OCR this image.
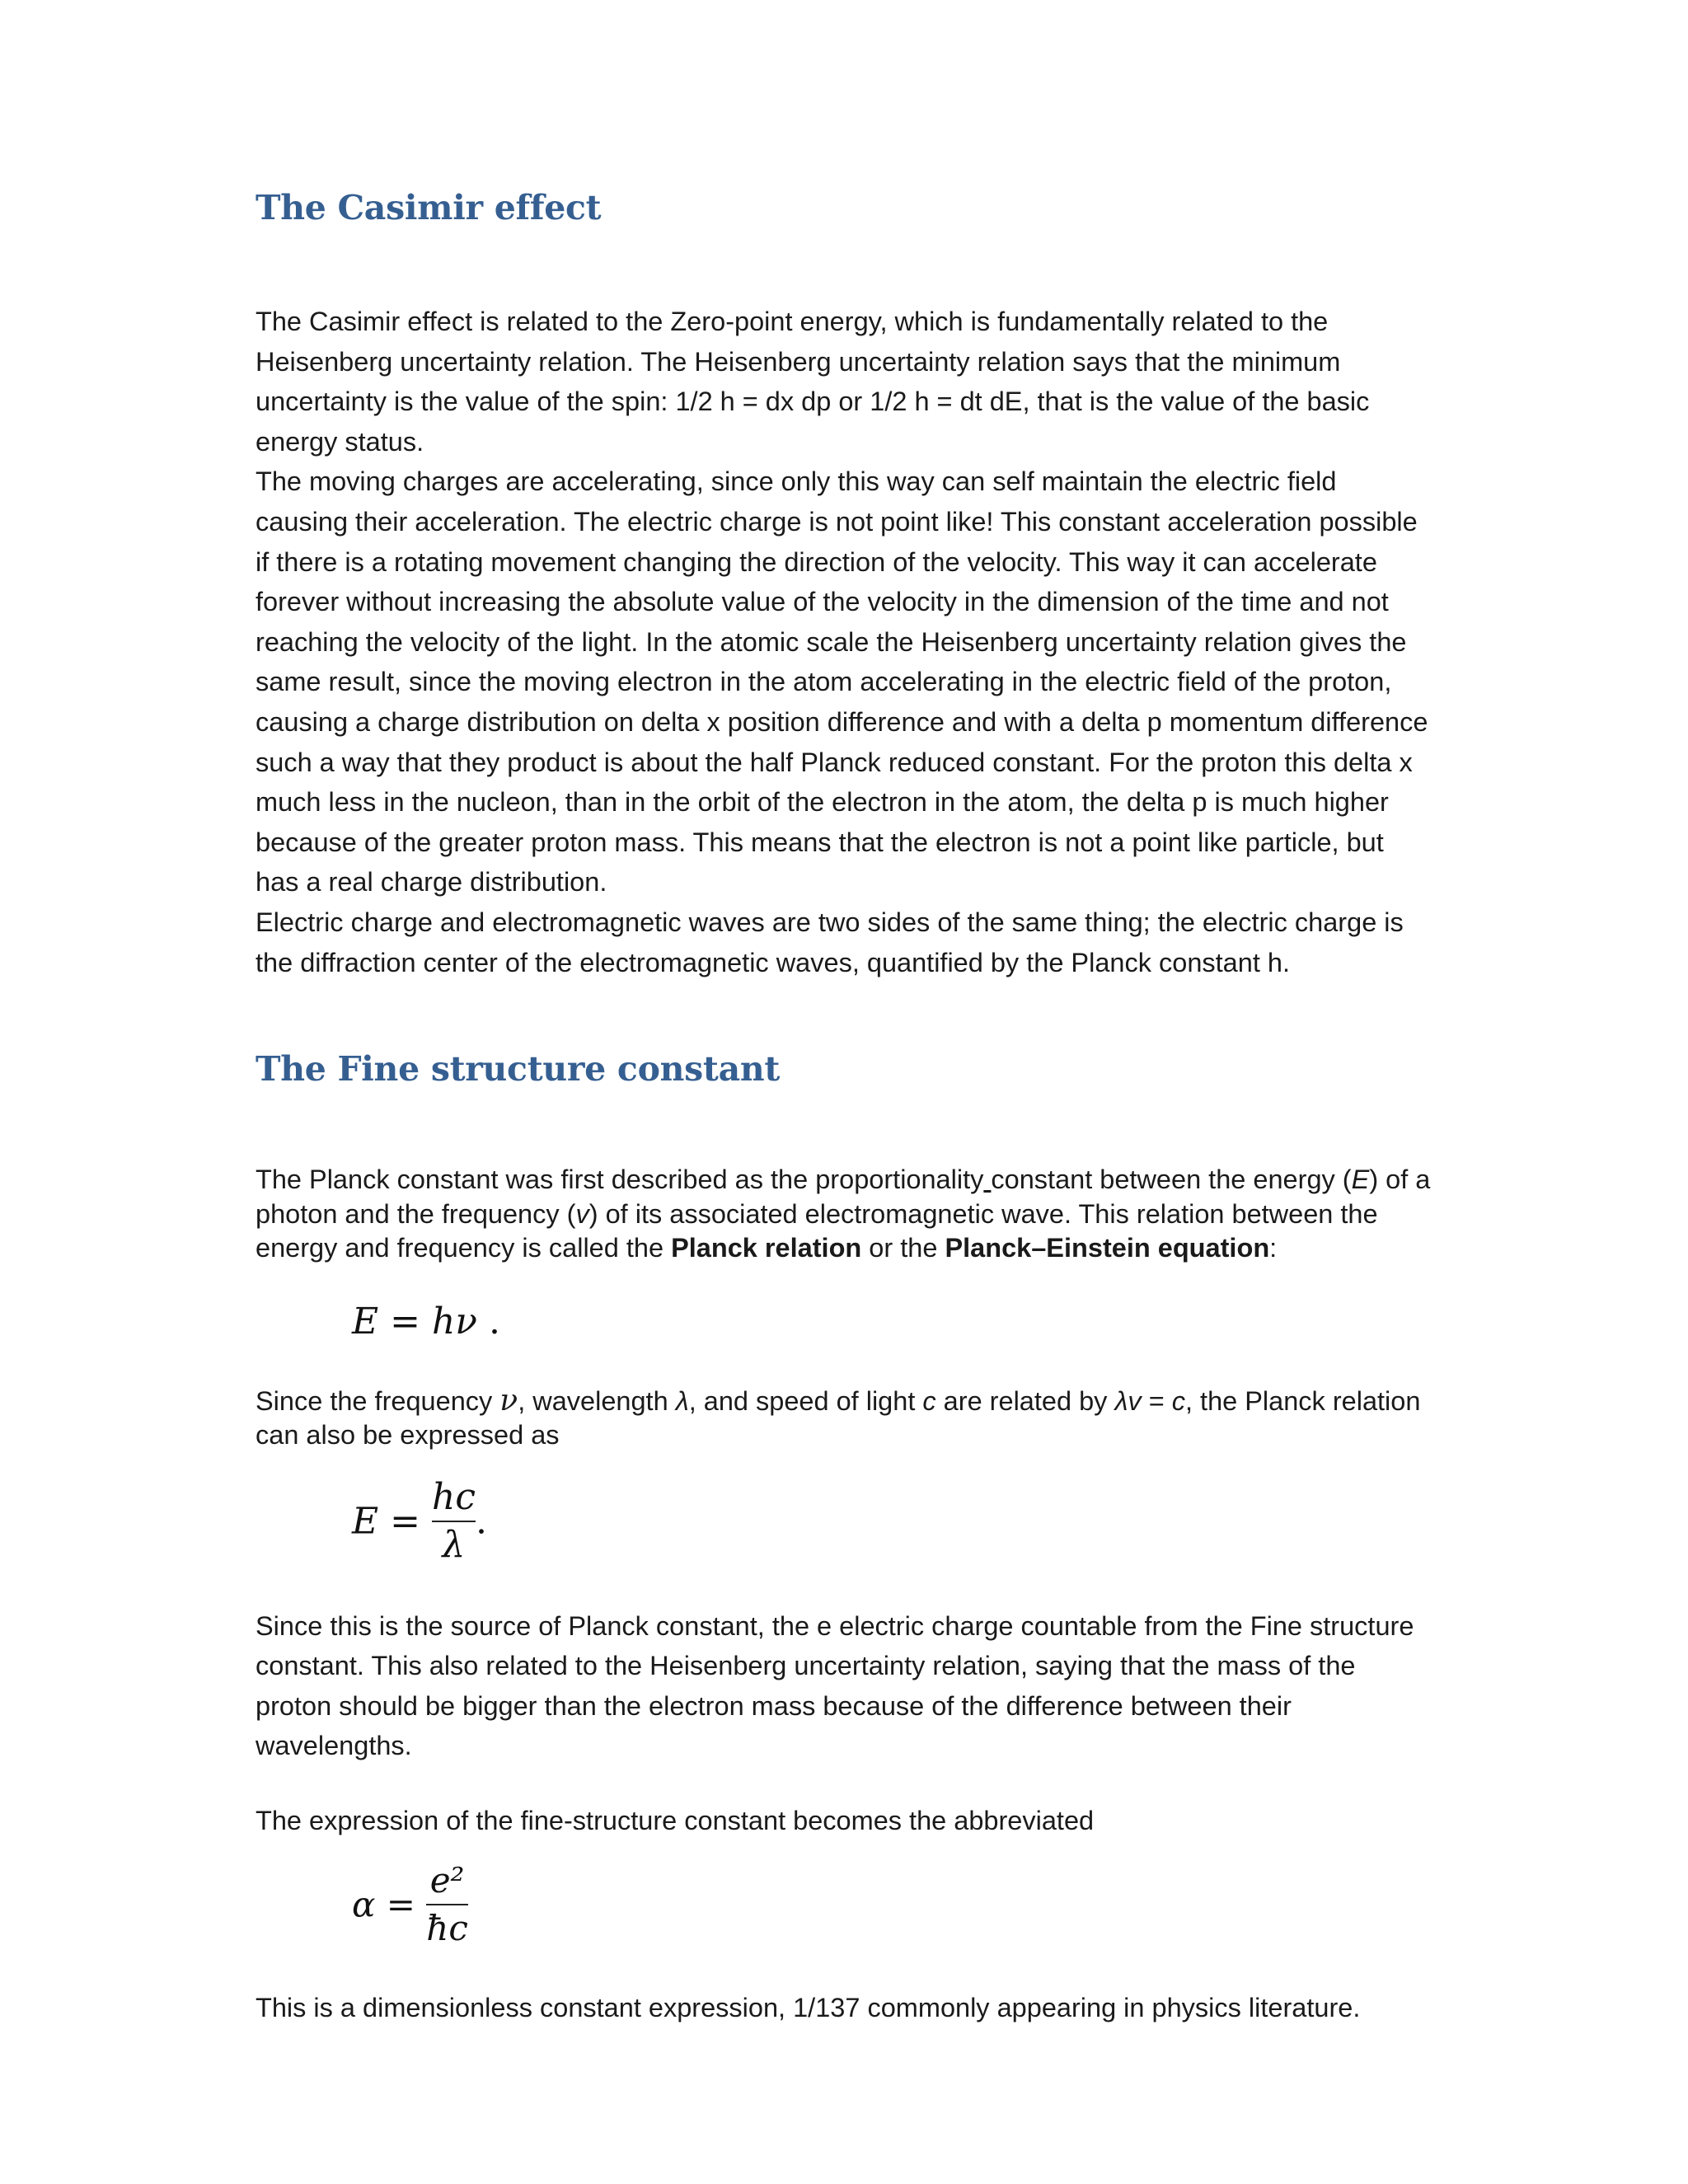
The Casimir effect

The Casimir effect is related to the Zero-point energy, which is fundamentally related to the Heisenberg uncertainty relation. The Heisenberg uncertainty relation says that the minimum uncertainty is the value of the spin: 1/2 h = dx dp or 1/2 h = dt dE, that is the value of the basic energy status.

The moving charges are accelerating, since only this way can self maintain the electric field causing their acceleration. The electric charge is not point like! This constant acceleration possible if there is a rotating movement changing the direction of the velocity. This way it can accelerate forever without increasing the absolute value of the velocity in the dimension of the time and not reaching the velocity of the light. In the atomic scale the Heisenberg uncertainty relation gives the same result, since the moving electron in the atom accelerating in the electric field of the proton, causing a charge distribution on delta x position difference and with a delta p momentum difference such a way that they product is about the half Planck reduced constant. For the proton this delta x much less in the nucleon, than in the orbit of the electron in the atom, the delta p is much higher because of the greater proton mass. This means that the electron is not a point like particle, but has a real charge distribution.

Electric charge and electromagnetic waves are two sides of the same thing; the electric charge is the diffraction center of the electromagnetic waves, quantified by the Planck constant h.

The Fine structure constant

The Planck constant was first described as the proportionality constant between the energy (E) of a photon and the frequency (v) of its associated electromagnetic wave. This relation between the energy and frequency is called the Planck relation or the Planck–Einstein equation:

E = hν .

Since the frequency ν, wavelength λ, and speed of light c are related by λv = c, the Planck relation can also be expressed as

$E = \frac{hc}{\lambda}$ .

Since this is the source of Planck constant, the e electric charge countable from the Fine structure constant. This also related to the Heisenberg uncertainty relation, saying that the mass of the proton should be bigger than the electron mass because of the difference between their wavelengths.

The expression of the fine-structure constant becomes the abbreviated

$\alpha = \frac{\text{e²}}{ħc}$

This is a dimensionless constant expression, 1/137 commonly appearing in physics literature.
